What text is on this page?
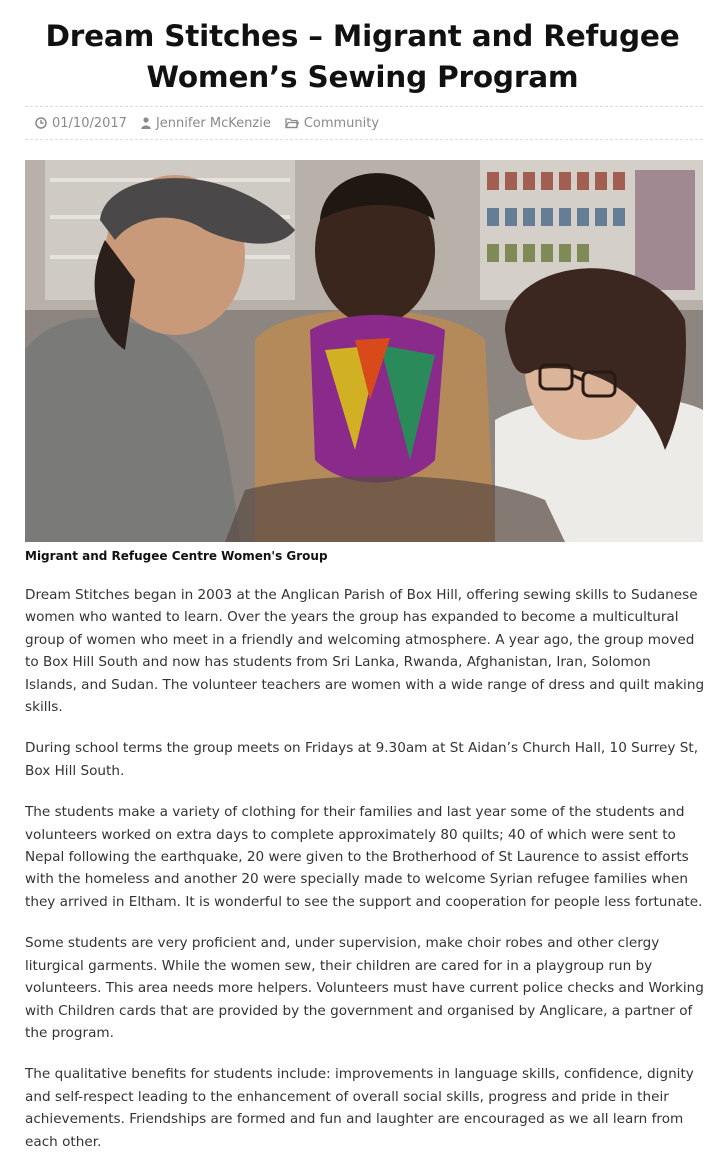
Dream Stitches – Migrant and Refugee Women’s Sewing Program
01/10/2017 Jennifer McKenzie	Community
Migrant and Refugee Centre Women's Group

Dream Stitches began in 2003 at the Anglican Parish of Box Hill, offering sewing skills to Sudanese women who wanted to learn. Over the years the group has expanded to become a multicultural group of women who meet in a friendly and welcoming atmosphere. A year ago, the group moved to Box Hill South and now has students from Sri Lanka, Rwanda, Afghanistan, Iran, Solomon Islands, and Sudan. The volunteer teachers are women with a wide range of dress and quilt making skills.

During school terms the group meets on Fridays at 9.30am at St Aidan’s Church Hall, 10 Surrey St, Box Hill South.

The students make a variety of clothing for their families and last year some of the students and volunteers worked on extra days to complete approximately 80 quilts; 40 of which were sent to Nepal following the earthquake, 20 were given to the Brotherhood of St Laurence to assist efforts with the homeless and another 20 were specially made to welcome Syrian refugee families when they arrived in Eltham. It is wonderful to see the support and cooperation for people less fortunate.

Some students are very proficient and, under supervision, make choir robes and other clergy liturgical garments. While the women sew, their children are cared for in a playgroup run by volunteers. This area needs more helpers. Volunteers must have current police checks and Working with Children cards that are provided by the government and organised by Anglicare, a partner of the program.

The qualitative benefits for students include: improvements in language skills, confidence, dignity and self-respect leading to the enhancement of overall social skills, progress and pride in their achievements. Friendships are formed and fun and laughter are encouraged as we all learn from each other.
